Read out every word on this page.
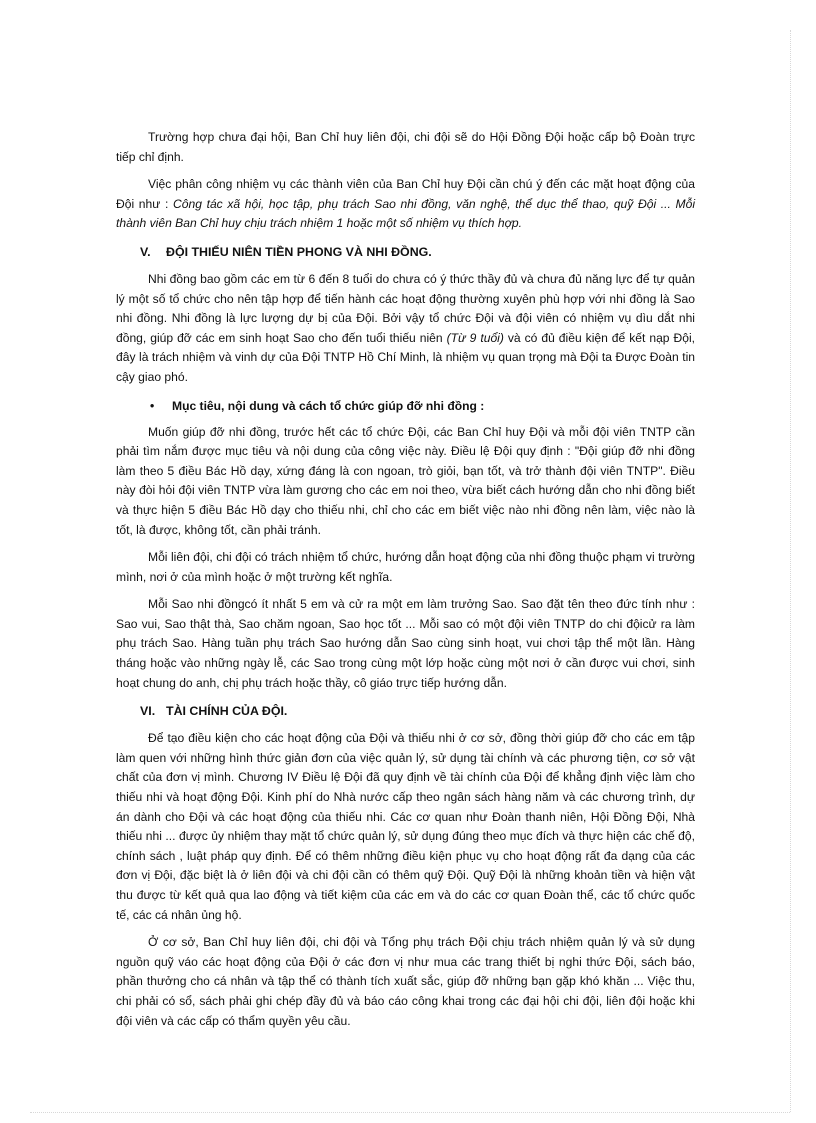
Trường hợp chưa đại hội, Ban Chỉ huy liên đội, chi đội sẽ do Hội Đồng Đội hoặc cấp bộ Đoàn trực tiếp chỉ định.

Việc phân công nhiệm vụ các thành viên của Ban Chỉ huy Đội cần chú ý đến các mặt hoạt động của Đội như : Công tác xã hội, học tập, phụ trách Sao nhi đồng, văn nghệ, thể dục thể thao, quỹ Đội ... Mỗi thành viên Ban Chỉ huy chịu trách nhiệm 1 hoặc một số nhiệm vụ thích hợp.

V. ĐỘI THIẾU NIÊN TIỀN PHONG VÀ NHI ĐỒNG.

Nhi đồng bao gồm các em từ 6 đến 8 tuổi do chưa có ý thức thầy đủ và chưa đủ năng lực để tự quản lý một số tổ chức cho nên tập hợp để tiến hành các hoạt động thường xuyên phù hợp với nhi đồng là Sao nhi đồng. Nhi đồng là lực lượng dự bị của Đội. Bởi vậy tổ chức Đội và đội viên có nhiệm vụ dìu dắt nhi đồng, giúp đỡ các em sinh hoạt Sao cho đến tuổi thiếu niên (Từ 9 tuổi) và có đủ điều kiện để kết nạp Đội, đây là trách nhiệm và vinh dự của Đội TNTP Hồ Chí Minh, là nhiệm vụ quan trọng mà Đội ta Được Đoàn tin cậy giao phó.

• Mục tiêu, nội dung và cách tổ chức giúp đỡ nhi đồng :

Muốn giúp đỡ nhi đồng, trước hết các tổ chức Đội, các Ban Chỉ huy Đội và mỗi đội viên TNTP cần phải tìm nắm được mục tiêu và nội dung của công việc này. Điều lệ Đội quy định : "Đội giúp đỡ nhi đồng làm theo 5 điều Bác Hồ dạy, xứng đáng là con ngoan, trò giỏi, bạn tốt, và trở thành đội viên TNTP". Điều này đòi hỏi đội viên TNTP vừa làm gương cho các em noi theo, vừa biết cách hướng dẫn cho nhi đồng biết và thực hiện 5 điều Bác Hồ dạy cho thiếu nhi, chỉ cho các em biết việc nào nhi đồng nên làm, việc nào là tốt, là được, không tốt, cần phải tránh.

Mỗi liên đội, chi đội có trách nhiệm tổ chức, hướng dẫn hoạt động của nhi đồng thuộc phạm vi trường mình, nơi ở của mình hoặc ở một trường kết nghĩa.

Mỗi Sao nhi đồngcó ít nhất 5 em và cử ra một em làm trưởng Sao. Sao đặt tên theo đức tính như : Sao vui, Sao thật thà, Sao chăm ngoan, Sao học tốt ... Mỗi sao có một đội viên TNTP do chi độicử ra làm phụ trách Sao. Hàng tuần phụ trách Sao hướng dẫn Sao cùng sinh hoạt, vui chơi tập thể một lần. Hàng tháng hoặc vào những ngày lễ, các Sao trong cùng một lớp hoặc cùng một nơi ở cần được vui chơi, sinh hoạt chung do anh, chị phụ trách hoặc thầy, cô giáo trực tiếp hướng dẫn.

VI. TÀI CHÍNH CỦA ĐỘI.

Để tạo điều kiện cho các hoạt động của Đội và thiếu nhi ở cơ sở, đồng thời giúp đỡ cho các em tập làm quen với những hình thức giản đơn của việc quản lý, sử dụng tài chính và các phương tiện, cơ sở vật chất của đơn vị mình. Chương IV Điều lệ Đội đã quy định về tài chính của Đội để khẳng định việc làm cho thiếu nhi và hoạt động Đội. Kinh phí do Nhà nước cấp theo ngân sách hàng năm và các chương trình, dự án dành cho Đội và các hoạt động của thiếu nhi. Các cơ quan như Đoàn thanh niên, Hội Đồng Đội, Nhà thiếu nhi ... được ủy nhiệm thay mặt tổ chức quản lý, sử dụng đúng theo mục đích và thực hiện các chế độ, chính sách , luật pháp quy định. Để có thêm những điều kiện phục vụ cho hoạt động rất đa dạng của các đơn vị Đội, đặc biệt là ở liên đội và chi đội cần có thêm quỹ Đội. Quỹ Đội là những khoản tiền và hiện vật thu được từ kết quả qua lao động và tiết kiệm của các em và do các cơ quan Đoàn thể, các tổ chức quốc tế, các cá nhân ủng hộ.

Ở cơ sở, Ban Chỉ huy liên đội, chi đội và Tổng phụ trách Đội chịu trách nhiệm quản lý và sử dụng nguồn quỹ váo các hoạt động của Đội ở các đơn vị như mua các trang thiết bị nghi thức Đội, sách báo, phần thưởng cho cá nhân và tập thể có thành tích xuất sắc, giúp đỡ những bạn gặp khó khăn ... Việc thu, chi phải có sổ, sách phải ghi chép đầy đủ và báo cáo công khai trong các đại hội chi đội, liên đội hoặc khi đội viên và các cấp có thẩm quyền yêu cầu.
